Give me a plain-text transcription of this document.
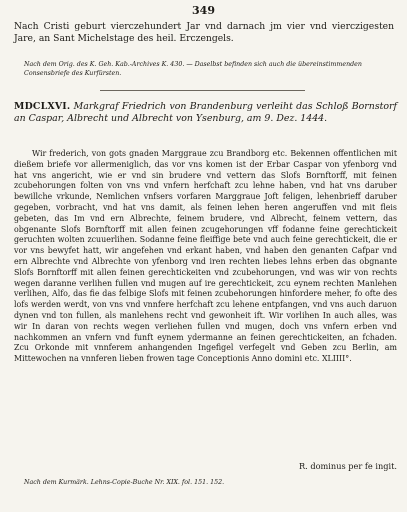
349

Nach Cristi geburt vierczehundert Jar vnd darnach jm vier vnd vierczigesten Jare, an Sant Michelstage des heil. Erczengels.

Nach dem Orig. des K. Geh. Kab.-Archives K. 430. — Daselbst befinden sich auch die übereinstimmenden Consensbriefe des Kurfürsten.

MDCLXVI. Markgraf Friedrich von Brandenburg verleiht das Schloß Bornstorf an Caspar, Albrecht und Albrecht von Ysenburg, am 9. Dez. 1444.

Wir frederich, von gots gnaden Marggraue zcu Brandborg etc. Bekennen offentlichen mit dießem briefe vor allermeniglich, das vor vns komen ist der Erbar Caspar von yfenborg vnd hat vns angericht, wie er vnd sin brudere vnd vettern das Slofs Bornftorff, mit feinen zcubehorungen folten von vns vnd vnfern herfchaft zcu lehne haben, vnd hat vns daruber bewillche vrkunde, Nemlichen vnfsers vorfaren Marggraue Joft feligen, lehenbrieff daruber gegeben, vorbracht, vnd hat vns damit, als feinen lehen heren angeruffen vnd mit fleis gebeten, das Im vnd ern Albrechte, feinem brudere, vnd Albrecht, feinem vettern, das obgenante Slofs Bornftorff mit allen feinen zcugehorungen vff fodanne feine gerechtickeit geruchten wolten zcuuerlihen. Sodanne feine fleiffige bete vnd auch feine gerechtickeit, die er vor vns bewyfet hatt, wir angefehen vnd erkant haben, vnd haben den genanten Cafpar vnd ern Albrechte vnd Albrechte von yfenborg vnd iren rechten liebes lehns erben das obgnante Slofs Bornftorff mit allen feinen gerechtickeiten vnd zcubehorungen, vnd was wir von rechts wegen daranne verlihen fullen vnd mugen auf ire gerechtickeit, zcu eynem rechten Manlehen verlihen, Alfo, das fie das felbige Slofs mit feinen zcubehorungen hinfordere meher, fo ofte des lofs werden werdt, von vns vnd vnnfere herfchaft zcu lehene entpfangen, vnd vns auch daruon dynen vnd ton fullen, als manlehens recht vnd gewonheit ift. Wir vorlihen In auch alles, was wir In daran von rechts wegen verliehen fullen vnd mugen, doch vns vnfern erben vnd nachkommen an vnfern vnd funft eynem ydermanne an feinen gerechtickeiten, an fchaden. Zcu Orkonde mit vnnferem anhangenden Ingefigel verfegelt vnd Geben zcu Berlin, am Mittewochen na vnnferen lieben frowen tage Conceptionis Anno domini etc. XLIIII°.

R. dominus per fe ingit.

Nach dem Kurmärk. Lehns-Copie-Buche Nr. XIX. fol. 151. 152.
